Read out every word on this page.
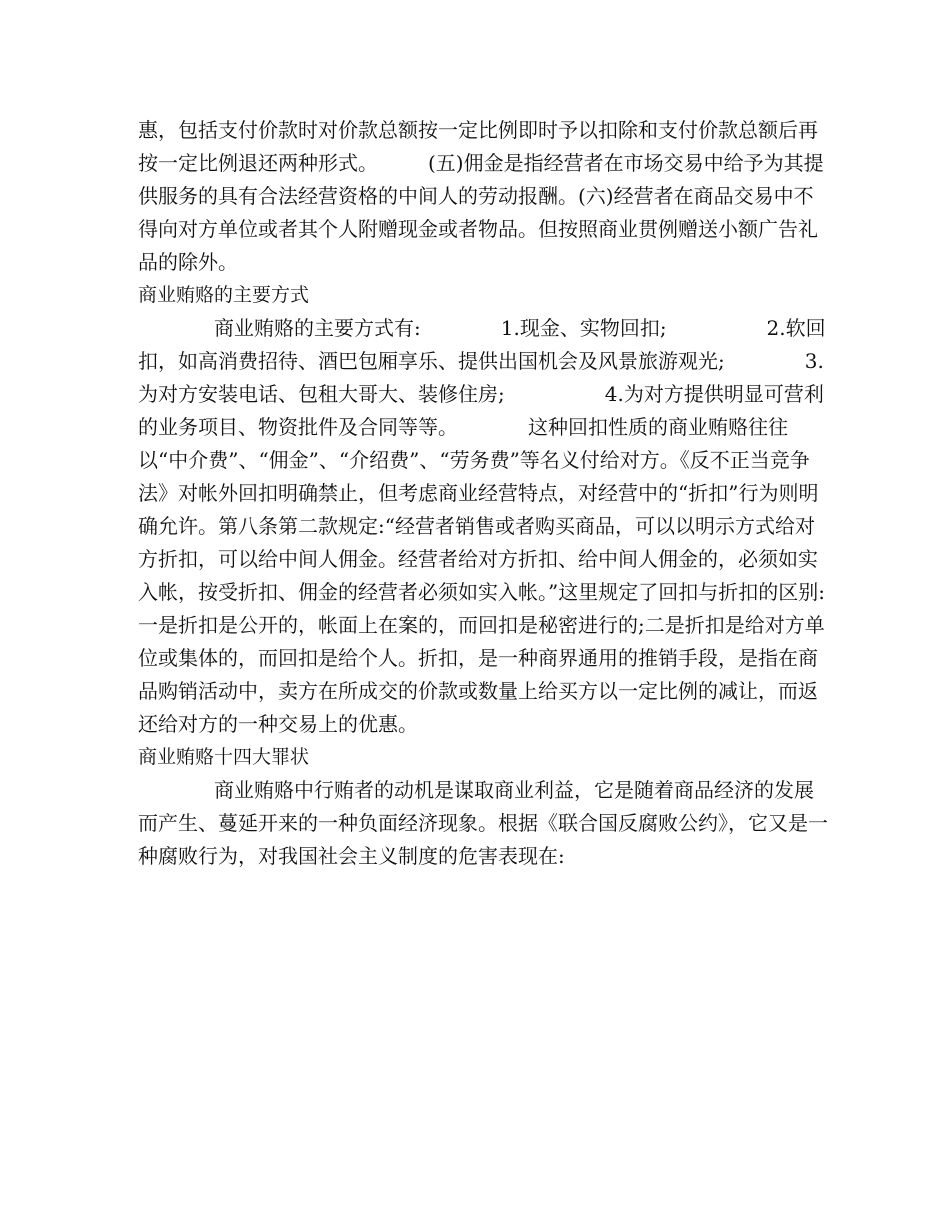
惠，包括支付价款时对价款总额按一定比例即时予以扣除和支付价款总额后再按一定比例退还两种形式。　　　(五)佣金是指经营者在市场交易中给予为其提供服务的具有合法经营资格的中间人的劳动报酬。(六)经营者在商品交易中不得向对方单位或者其个人附赠现金或者物品。但按照商业贯例赠送小额广告礼品的除外。

商业贿赂的主要方式

商业贿赂的主要方式有:　　　　1.现金、实物回扣;　　　　　2.软回扣，如高消费招待、酒巴包厢享乐、提供出国机会及风景旅游观光;　　　　3.为对方安装电话、包租大哥大、装修住房;　　　　　4.为对方提供明显可营利的业务项目、物资批件及合同等等。　　　　这种回扣性质的商业贿赂往往以“中介费”、“佣金”、“介绍费”、“劳务费”等名义付给对方。《反不正当竞争法》对帐外回扣明确禁止，但考虑商业经营特点，对经营中的“折扣”行为则明确允许。第八条第二款规定:“经营者销售或者购买商品，可以以明示方式给对方折扣，可以给中间人佣金。经营者给对方折扣、给中间人佣金的，必须如实入帐，按受折扣、佣金的经营者必须如实入帐。”这里规定了回扣与折扣的区别:一是折扣是公开的，帐面上在案的，而回扣是秘密进行的;二是折扣是给对方单位或集体的，而回扣是给个人。折扣，是一种商界通用的推销手段，是指在商品购销活动中，卖方在所成交的价款或数量上给买方以一定比例的减让，而返还给对方的一种交易上的优惠。

商业贿赂十四大罪状

商业贿赂中行贿者的动机是谋取商业利益，它是随着商品经济的发展而产生、蔓延开来的一种负面经济现象。根据《联合国反腐败公约》，它又是一种腐败行为，对我国社会主义制度的危害表现在:
